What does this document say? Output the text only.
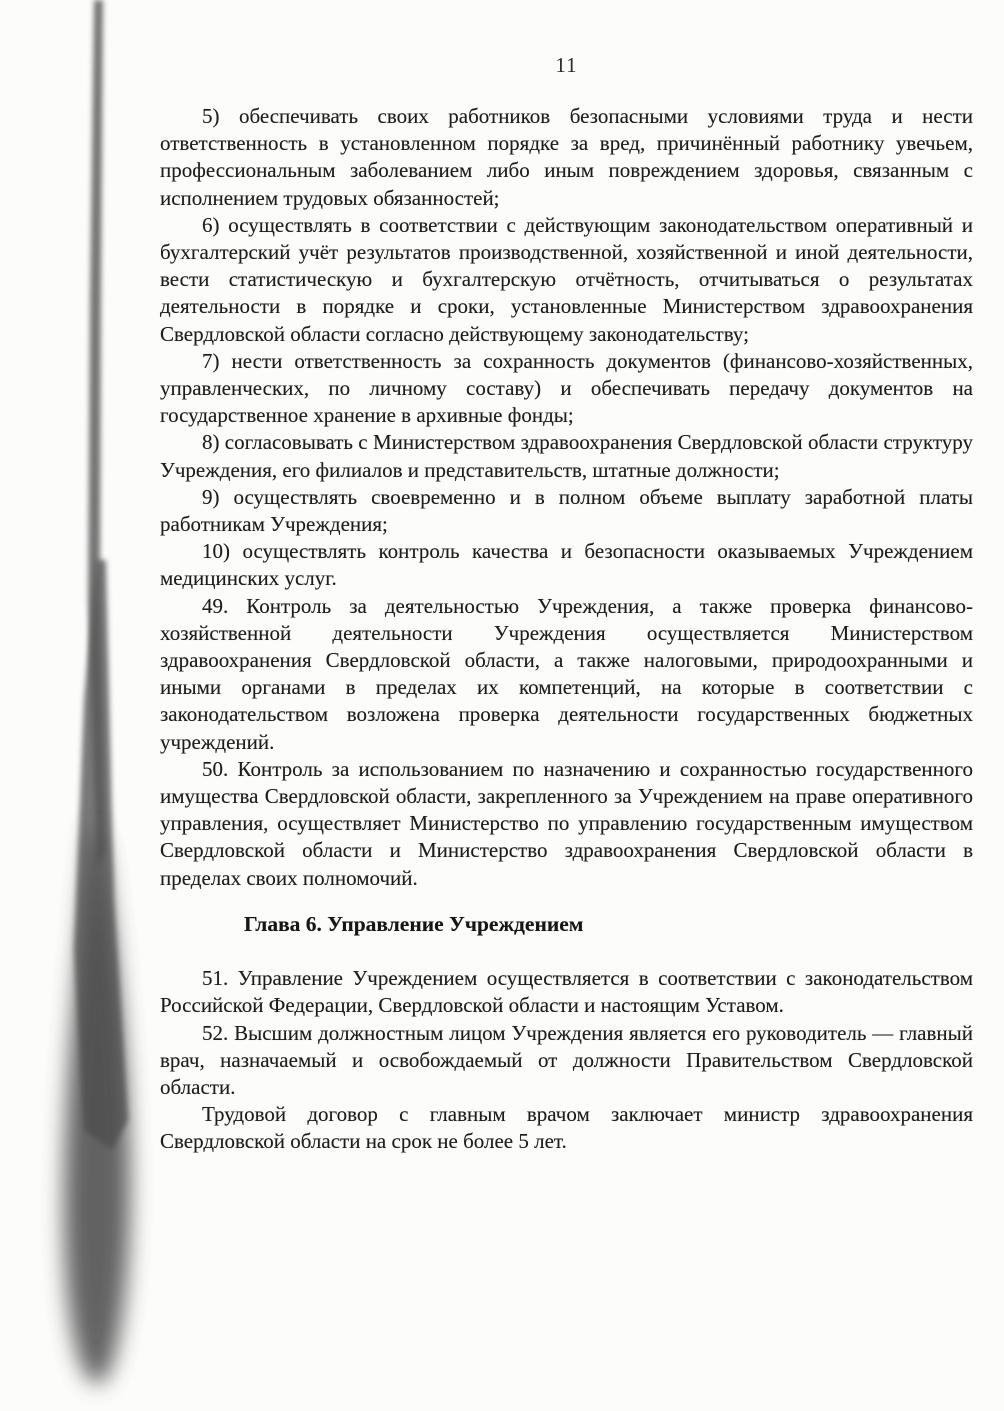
11

5) обеспечивать своих работников безопасными условиями труда и нести ответственность в установленном порядке за вред, причинённый работнику увечьем, профессиональным заболеванием либо иным повреждением здоровья, связанным с исполнением трудовых обязанностей;

6) осуществлять в соответствии с действующим законодательством оперативный и бухгалтерский учёт результатов производственной, хозяйственной и иной деятельности, вести статистическую и бухгалтерскую отчётность, отчитываться о результатах деятельности в порядке и сроки, установленные Министерством здравоохранения Свердловской области согласно действующему законодательству;

7) нести ответственность за сохранность документов (финансово-хозяйственных, управленческих, по личному составу) и обеспечивать передачу документов на государственное хранение в архивные фонды;

8) согласовывать с Министерством здравоохранения Свердловской области структуру Учреждения, его филиалов и представительств, штатные должности;

9) осуществлять своевременно и в полном объеме выплату заработной платы работникам Учреждения;

10) осуществлять контроль качества и безопасности оказываемых Учреждением медицинских услуг.

49. Контроль за деятельностью Учреждения, а также проверка финансово-хозяйственной деятельности Учреждения осуществляется Министерством здравоохранения Свердловской области, а также налоговыми, природоохранными и иными органами в пределах их компетенций, на которые в соответствии с законодательством возложена проверка деятельности государственных бюджетных учреждений.

50. Контроль за использованием по назначению и сохранностью государственного имущества Свердловской области, закрепленного за Учреждением на праве оперативного управления, осуществляет Министерство по управлению государственным имуществом Свердловской области и Министерство здравоохранения Свердловской области в пределах своих полномочий.

Глава 6. Управление Учреждением

51. Управление Учреждением осуществляется в соответствии с законодательством Российской Федерации, Свердловской области и настоящим Уставом.

52. Высшим должностным лицом Учреждения является его руководитель — главный врач, назначаемый и освобождаемый от должности Правительством Свердловской области.

Трудовой договор с главным врачом заключает министр здравоохранения Свердловской области на срок не более 5 лет.
